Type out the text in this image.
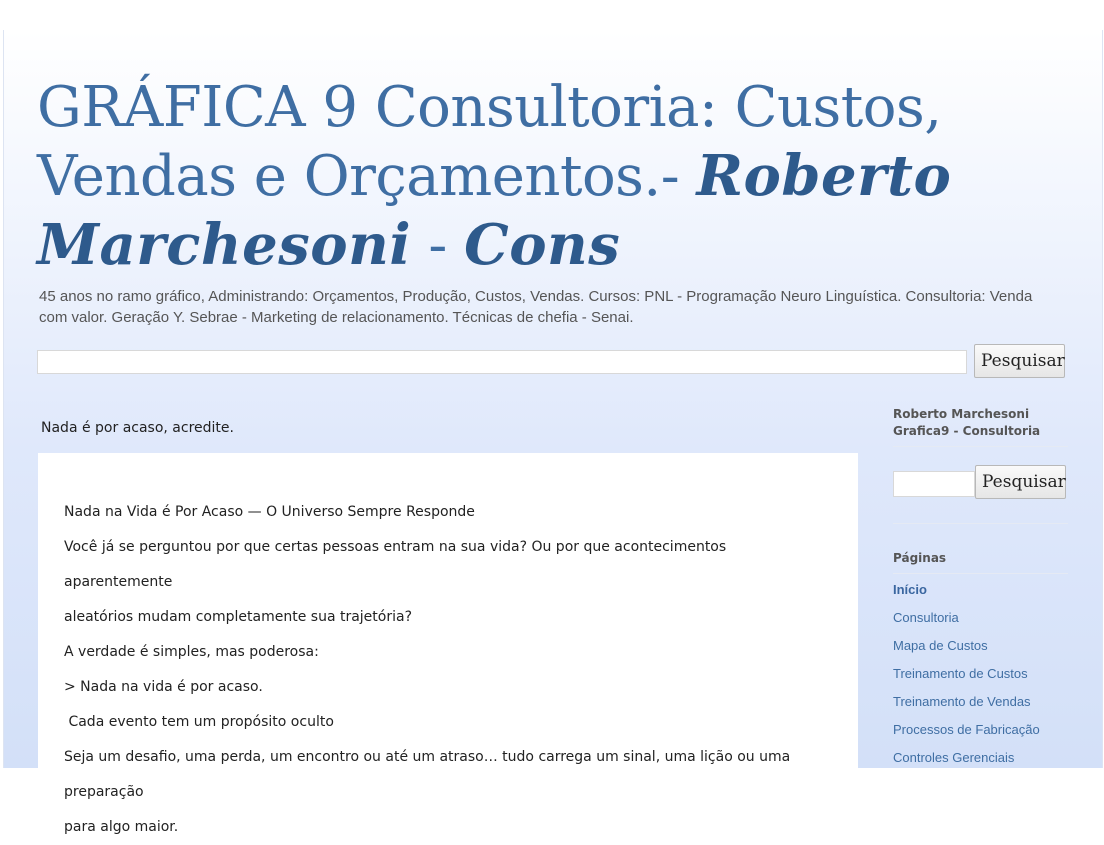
GRÁFICA 9 Consultoria: Custos, Vendas e Orçamentos.- Roberto Marchesoni - Cons

45 anos no ramo gráfico, Administrando: Orçamentos, Produção, Custos, Vendas. Cursos: PNL - Programação Neuro Linguística. Consultoria: Venda com valor. Geração Y. Sebrae - Marketing de relacionamento. Técnicas de chefia - Senai.

Pesquisar
Nada é por acaso, acredite.

Nada na Vida é Por Acaso — O Universo Sempre Responde

Você já se perguntou por que certas pessoas entram na sua vida? Ou por que acontecimentos aparentemente

aleatórios mudam completamente sua trajetória?

A verdade é simples, mas poderosa:

> Nada na vida é por acaso.

Cada evento tem um propósito oculto

Seja um desafio, uma perda, um encontro ou até um atraso… tudo carrega um sinal, uma lição ou uma preparação

para algo maior.

Roberto Marchesoni Grafica9 - Consultoria
Pesquisar
Páginas
Início
Consultoria
Mapa de Custos
Treinamento de Custos
Treinamento de Vendas
Processos de Fabricação
Controles Gerenciais
